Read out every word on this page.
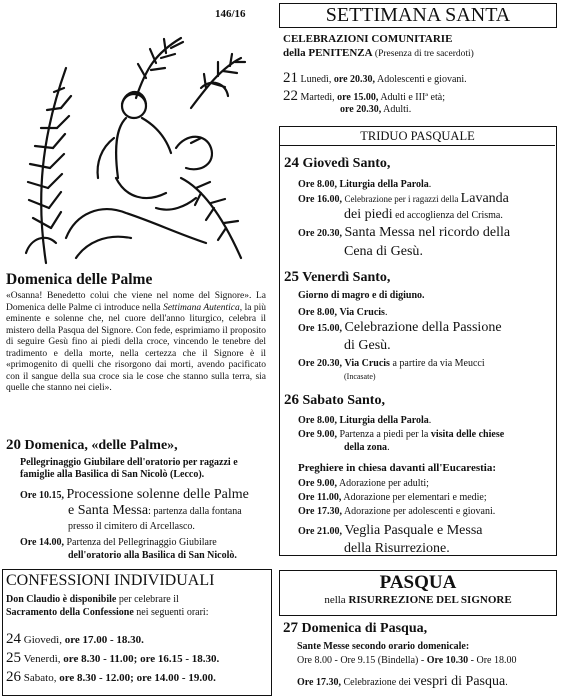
146/16
Domenica delle Palme
«Osanna! Benedetto colui che viene nel nome del Signore». La Domenica delle Palme ci introduce nella Settimana Autentica, la più eminente e solenne che, nel cuore dell'anno liturgico, celebra il mistero della Pasqua del Signore. Con fede, esprimiamo il proposito di seguire Gesù fino ai piedi della croce, vincendo le tenebre del tradimento e della morte, nella certezza che il Signore è il «primogenito di quelli che risorgono dai morti, avendo pacificato con il sangue della sua croce sia le cose che stanno sulla terra, sia quelle che stanno nei cieli».
20 Domenica, «delle Palme»,
Pellegrinaggio Giubilare dell'oratorio per ragazzi e famiglie alla Basilica di San Nicolò (Lecco).
Ore 10.15, Processione solenne delle Palme
e Santa Messa: partenza dalla fontana
presso il cimitero di Arcellasco.
Ore 14.00, Partenza del Pellegrinaggio Giubilare
dell'oratorio alla Basilica di San Nicolò.
CONFESSIONI INDIVIDUALI
Don Claudio è disponibile per celebrare il
Sacramento della Confessione nei seguenti orari:
24 Giovedì, ore 17.00 - 18.30.
25 Venerdì, ore 8.30 - 11.00; ore 16.15 - 18.30.
26 Sabato, ore 8.30 - 12.00; ore 14.00 - 19.00.
SETTIMANA SANTA
CELEBRAZIONI COMUNITARIE
della PENITENZA (Presenza di tre sacerdoti)
21 Lunedì, ore 20.30, Adolescenti e giovani.
22 Martedì, ore 15.00, Adulti e IIIª età;
ore 20.30, Adulti.
TRIDUO PASQUALE
24 Giovedì Santo,
Ore 8.00, Liturgia della Parola.
Ore 16.00, Celebrazione per i ragazzi della Lavanda
dei piedi ed accoglienza del Crisma.
Ore 20.30, Santa Messa nel ricordo della
Cena di Gesù.
25 Venerdì Santo,
Giorno di magro e di digiuno.
Ore 8.00, Via Crucis.
Ore 15.00, Celebrazione della Passione
di Gesù.
Ore 20.30, Via Crucis a partire da via Meucci
(Incasate)
26 Sabato Santo,
Ore 8.00, Liturgia della Parola.
Ore 9.00, Partenza a piedi per la visita delle chiese
della zona.
Preghiere in chiesa davanti all'Eucarestia:
Ore 9.00, Adorazione per adulti;
Ore 11.00, Adorazione per elementari e medie;
Ore 17.30, Adorazione per adolescenti e giovani.
Ore 21.00, Veglia Pasquale e Messa
della Risurrezione.
PASQUA
nella RISURREZIONE DEL SIGNORE
27 Domenica di Pasqua,
Sante Messe secondo orario domenicale:
Ore 8.00 - Ore 9.15 (Bindella) - Ore 10.30 - Ore 18.00
Ore 17.30, Celebrazione dei vespri di Pasqua.
